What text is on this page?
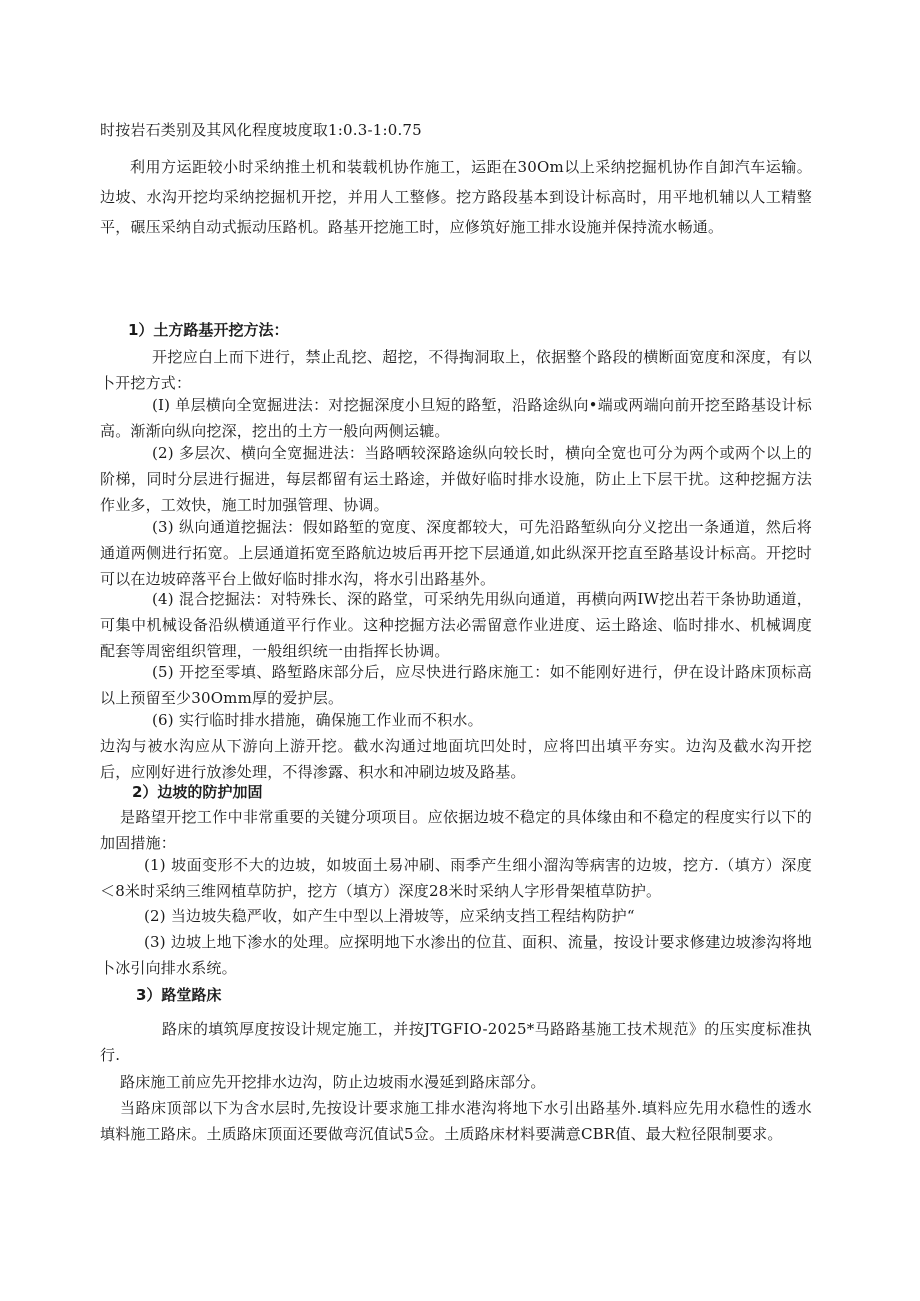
时按岩石类别及其风化程度坡度取1:0.3-1:0.75

利用方运距较小时采纳推土机和装载机协作施工，运距在30Om以上采纳挖掘机协作自卸汽车运输。边坡、水沟开挖均采纳挖掘机开挖，并用人工整修。挖方路段基本到设计标高时，用平地机辅以人工精整平，碾压采纳自动式振动压路机。路基开挖施工时，应修筑好施工排水设施并保持流水畅通。

1）土方路基开挖方法：

开挖应白上而下进行，禁止乱挖、超挖，不得掏洞取上，依据整个路段的横断面宽度和深度，有以卜开挖方式：

(I) 单层横向全宽掘进法：对挖掘深度小旦短的路堑，沿路途纵向•端或两端向前开挖至路基设计标高。渐渐向纵向挖深，挖出的土方一般向两侧运辘。

(2) 多层次、横向全宽掘进法：当路哂较深路途纵向较长时，横向全宽也可分为两个或两个以上的阶梯，同时分层进行掘进，每层都留有运土路途，并做好临时排水设施，防止上下层干扰。这种挖掘方法作业多，工效快，施工时加强管理、协调。

(3) 纵向通道挖掘法：假如路堑的宽度、深度都较大，可先沿路堑纵向分义挖出一条通道，然后将通道两侧进行拓宽。上层通道拓宽至路航边坡后再开挖下层通道,如此纵深开挖直至路基设计标高。开挖时可以在边坡碎落平台上做好临时排水沟，将水引出路基外。

(4) 混合挖掘法：对特殊长、深的路堂，可采纳先用纵向通道，再横向两IW挖出若干条协助通道，可集中机械设备沿纵横通道平行作业。这种挖掘方法必需留意作业进度、运土路途、临时排水、机械调度配套等周密组织管理，一般组织统一由指挥长协调。

(5) 开挖至零填、路堑路床部分后，应尽快进行路床施工：如不能刚好进行，伊在设计路床顶标高以上预留至少30Omm厚的爱护层。

(6) 实行临时排水措施，确保施工作业而不积水。

边沟与被水沟应从下游向上游开挖。截水沟通过地面坑凹处时，应将凹出填平夯实。边沟及截水沟开挖后，应刚好进行放渗处理，不得渗露、积水和冲刷边坡及路基。

2）边坡的防护加固

是路望开挖工作中非常重要的关键分项项目。应依据边坡不稳定的具体缘由和不稳定的程度实行以下的加固措施：

(1) 坡面变形不大的边坡，如坡面土易冲刷、雨季产生细小溜沟等病害的边坡，挖方.（填方）深度＜8米时采纳三维网植草防护，挖方（填方）深度28米时采纳人字形骨架植草防护。

(2) 当边坡失稳严收，如产生中型以上滑坡等，应采纳支挡工程结构防护“

(3) 边坡上地下渗水的处理。应探明地下水渗出的位苴、面积、流量，按设计要求修建边坡渗沟将地卜冰引向排水系统。

3）路堂路床

路床的填筑厚度按设计规定施工，并按JTGFIO-2025*马路路基施工技术规范》的压实度标准执行.

路床施工前应先开挖排水边沟，防止边坡雨水漫延到路床部分。

当路床顶部以下为含水层时,先按设计要求施工排水港沟将地下水引出路基外.填料应先用水稳性的透水填料施工路床。土质路床顶面还要做弯沉值试5佥。土质路床材料要满意CBR值、最大粒径限制要求。
